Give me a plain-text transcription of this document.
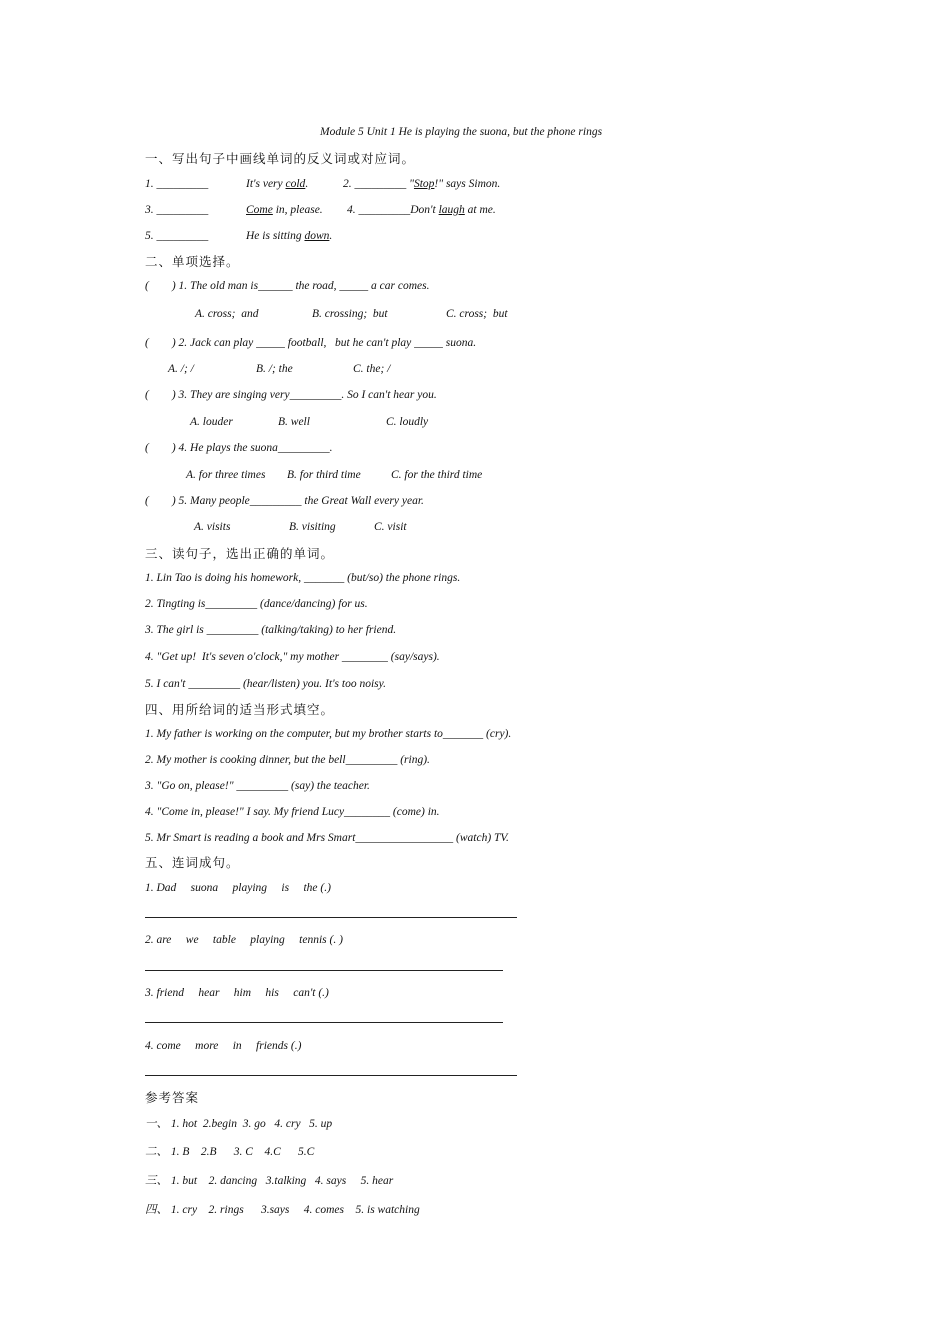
Module 5 Unit 1 He is playing the suona, but the phone rings
一、写出句子中画线单词的反义词或对应词。
1. _________	It's very cold.	2. _________ "Stop!" says Simon.
3. _________	Come in, please. 4. _________Don't laugh at me.
5. _________	He is sitting down.
二、单项选择。
(        ) 1. The old man is______ the road, _____ a car comes.
A. cross;  and	B. crossing;  but	C. cross;  but
(        ) 2. Jack can play _____ football,   but he can't play _____ suona.
A. /; /	B. /; the	C. the; /
(        ) 3. They are singing very_________. So I can't hear you.
A. louder	B. well	C. loudly
(        ) 4. He plays the suona_________.
A. for three times B. for third time	C. for the third time
(        ) 5. Many people_________ the Great Wall every year.
A. visits	B. visiting	C. visit
三、读句子，选出正确的单词。
1. Lin Tao is doing his homework, _______ (but/so) the phone rings.
2. Tingting is_________ (dance/dancing) for us.
3. The girl is _________ (talking/taking) to her friend.
4. "Get up!  It's seven o'clock," my mother ________ (say/says).
5. I can't _________ (hear/listen) you. It's too noisy.
四、用所给词的适当形式填空。
1. My father is working on the computer, but my brother starts to_______ (cry).
2. My mother is cooking dinner, but the bell_________ (ring).
3. "Go on, please!" _________ (say) the teacher.
4. "Come in, please!" I say. My friend Lucy________ (come) in.
5. Mr Smart is reading a book and Mrs Smart_________________ (watch) TV.
五、连词成句。
1. Dad     suona     playing     is     the (.)
2. are     we     table     playing     tennis (. )
3. friend     hear     him     his     can't (.)
4. come     more     in     friends (.)
参考答案
一、 1. hot  2.begin  3. go   4. cry   5. up
二、 1. B    2.B      3. C    4.C      5.C
三、 1. but    2. dancing   3.talking   4. says     5. hear
四、 1. cry    2. rings      3.says     4. comes    5. is watching
